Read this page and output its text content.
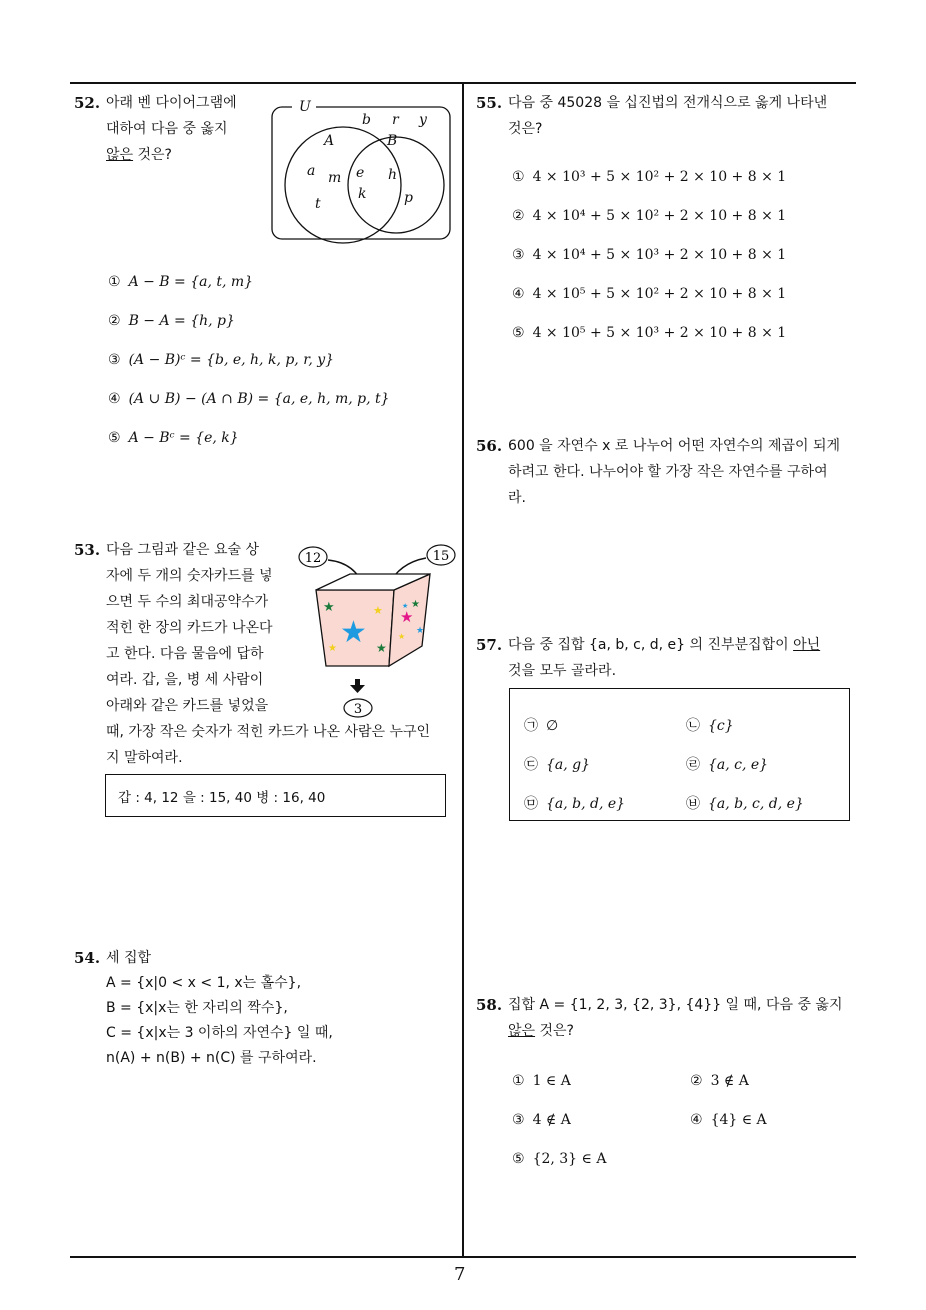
7
52. 아래 벤 다이어그램에
대하여 다음 중 옳지
않은 것은?
U
A	B
b r y
a m
t
e
k
h
p
① A − B = {a, t, m}
② B − A = {h, p}
③ (A − B)ᶜ = {b, e, h, k, p, r, y}
④ (A ∪ B) − (A ∩ B) = {a, e, h, m, p, t}
⑤ A − Bᶜ = {e, k}
53. 다음 그림과 같은 요술 상
자에 두 개의 숫자카드를 넣
으면 두 수의 최대공약수가
적힌 한 장의 카드가 나온다
고 한다. 다음 물음에 답하
여라. 갑, 을, 병 세 사람이
아래와 같은 카드를 넣었을
때, 가장 작은 숫자가 적힌 카드가 나온 사람은 누구인
지 말하여라.
12	15
★	★
★
★	★
★
★
★
★
★
3
갑 : 4, 12 을 : 15, 40 병 : 16, 40
54. 세 집합
A = {x|0 < x < 1, x는 홀수},
B = {x|x는 한 자리의 짝수},
C = {x|x는 3 이하의 자연수} 일 때,
n(A) + n(B) + n(C) 를 구하여라.
55. 다음 중 45028 을 십진법의 전개식으로 옳게 나타낸
것은?
① 4 × 10³ + 5 × 10² + 2 × 10 + 8 × 1
② 4 × 10⁴ + 5 × 10² + 2 × 10 + 8 × 1
③ 4 × 10⁴ + 5 × 10³ + 2 × 10 + 8 × 1
④ 4 × 10⁵ + 5 × 10² + 2 × 10 + 8 × 1
⑤ 4 × 10⁵ + 5 × 10³ + 2 × 10 + 8 × 1
56. 600 을 자연수 x 로 나누어 어떤 자연수의 제곱이 되게
하려고 한다. 나누어야 할 가장 작은 자연수를 구하여
라.
57. 다음 중 집합 {a, b, c, d, e} 의 진부분집합이 아닌
것을 모두 골라라.
㉠ ∅	㉡ {c}
㉢ {a, g}	㉣ {a, c, e}
㉤ {a, b, d, e}	㉥ {a, b, c, d, e}
58. 집합 A = {1, 2, 3, {2, 3}, {4}} 일 때, 다음 중 옳지
않은 것은?
① 1 ∈ A	② 3 ∉ A
③ 4 ∉ A	④ {4} ∈ A
⑤ {2, 3} ∈ A
